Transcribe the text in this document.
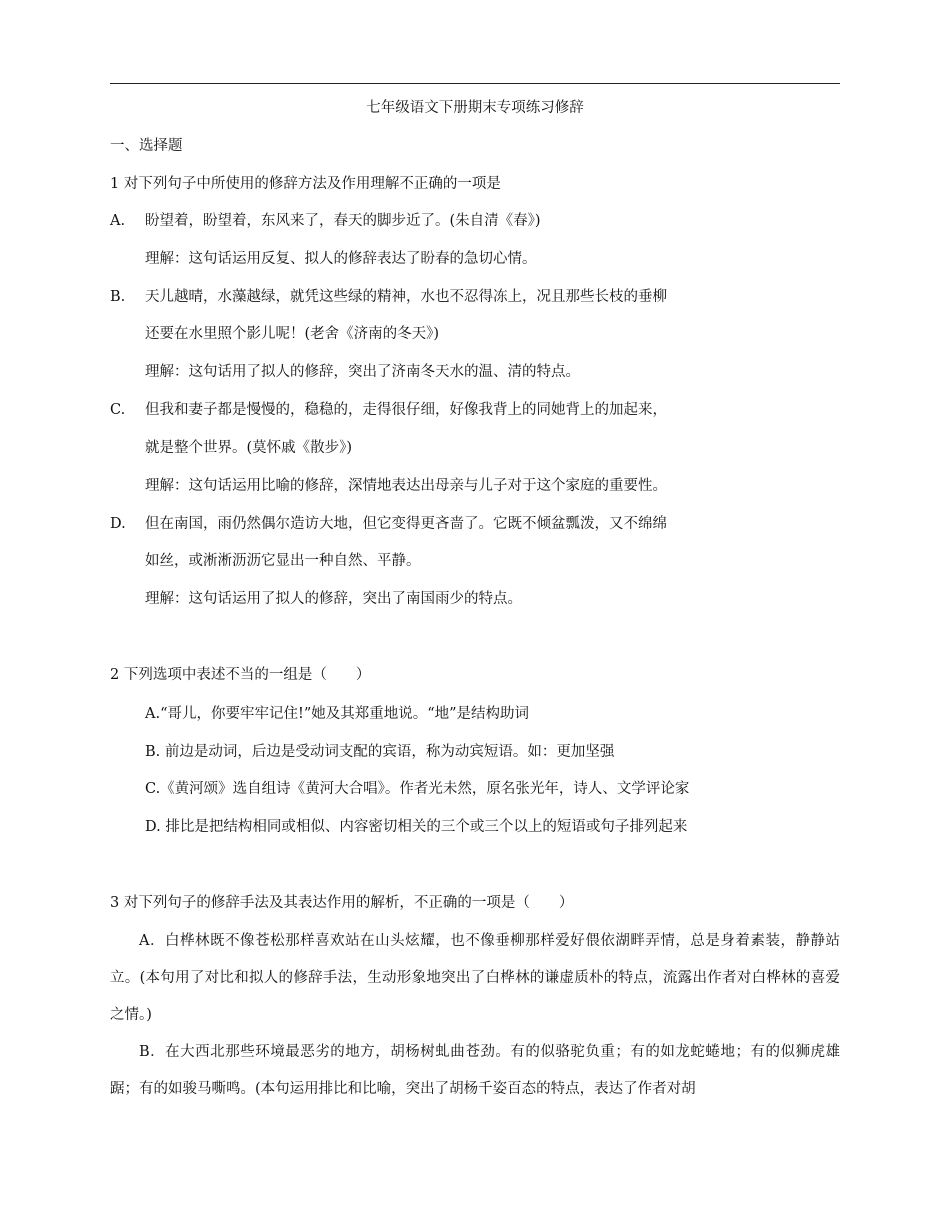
七年级语文下册期末专项练习修辞
一、选择题
1 对下列句子中所使用的修辞方法及作用理解不正确的一项是
A. 盼望着，盼望着，东风来了，春天的脚步近了。(朱自清《春》)
理解：这句话运用反复、拟人的修辞表达了盼春的急切心情。
B. 天儿越晴，水藻越绿，就凭这些绿的精神，水也不忍得冻上，况且那些长枝的垂柳
还要在水里照个影儿呢！(老舍《济南的冬天》)
理解：这句话用了拟人的修辞，突出了济南冬天水的温、清的特点。
C. 但我和妻子都是慢慢的，稳稳的，走得很仔细，好像我背上的同她背上的加起来，
就是整个世界。(莫怀戚《散步》)
理解：这句话运用比喻的修辞，深情地表达出母亲与儿子对于这个家庭的重要性。
D. 但在南国，雨仍然偶尔造访大地，但它变得更吝啬了。它既不倾盆瓢泼，又不绵绵
如丝，或淅淅沥沥它显出一种自然、平静。
理解：这句话运用了拟人的修辞，突出了南国雨少的特点。
2 下列选项中表述不当的一组是（　　）
A.“哥儿，你要牢牢记住!”她及其郑重地说。“地”是结构助词
B. 前边是动词，后边是受动词支配的宾语，称为动宾短语。如：更加坚强
C.《黄河颂》选自组诗《黄河大合唱》。作者光未然，原名张光年，诗人、文学评论家
D. 排比是把结构相同或相似、内容密切相关的三个或三个以上的短语或句子排列起来
3 对下列句子的修辞手法及其表达作用的解析，不正确的一项是（　　）
A．白桦林既不像苍松那样喜欢站在山头炫耀，也不像垂柳那样爱好偎依湖畔弄情，总是身着素装，静静站立。(本句用了对比和拟人的修辞手法，生动形象地突出了白桦林的谦虚质朴的特点，流露出作者对白桦林的喜爱之情。)
B．在大西北那些环境最恶劣的地方，胡杨树虬曲苍劲。有的似骆驼负重；有的如龙蛇蜷地；有的似狮虎雄踞；有的如骏马嘶鸣。(本句运用排比和比喻，突出了胡杨千姿百态的特点，表达了作者对胡
